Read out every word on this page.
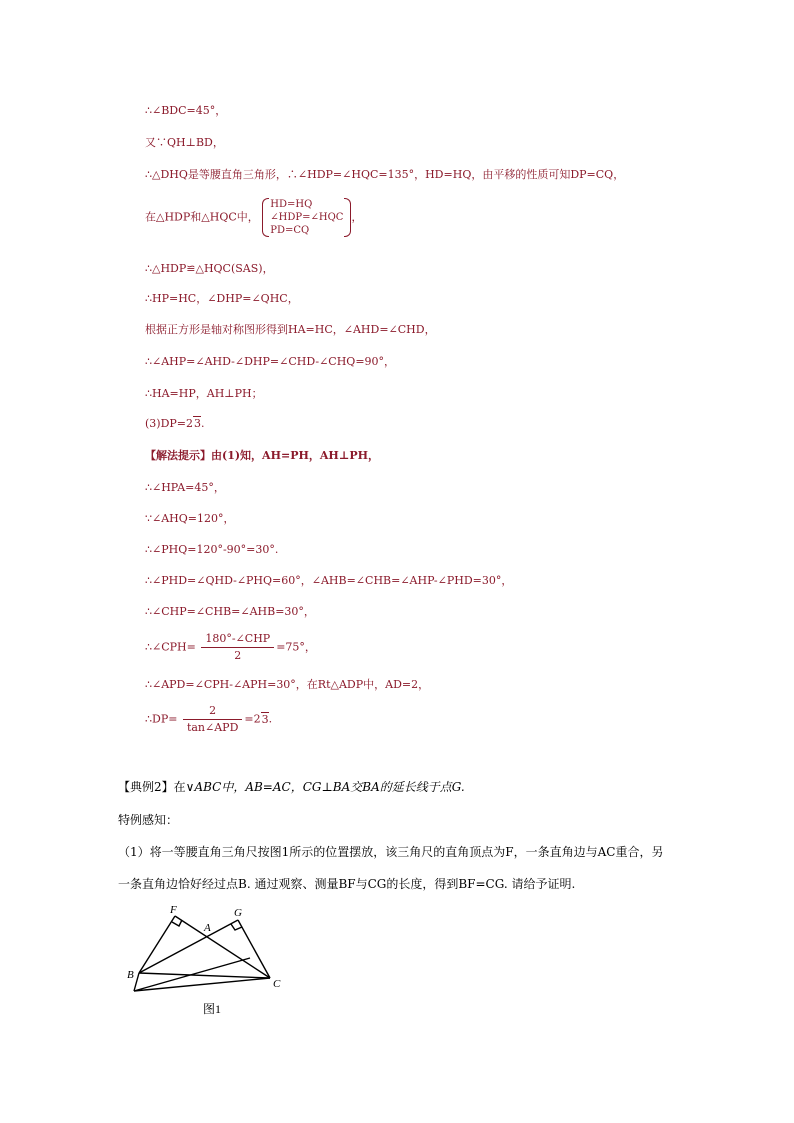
∴∠BDC=45°，
又∵QH⊥BD，
∴△DHQ是等腰直角三角形，∴∠HDP=∠HQC=135°，HD=HQ，由平移的性质可知DP=CQ，
在△HDP和△HQC中，
HD=HQ
∠HDP=∠HQC
PD=CQ
，
∴△HDP≌△HQC(SAS)，
∴HP=HC，∠DHP=∠QHC，
根据正方形是轴对称图形得到HA=HC，∠AHD=∠CHD，
∴∠AHP=∠AHD-∠DHP=∠CHD-∠CHQ=90°，
∴HA=HP，AH⊥PH；
(3)DP=23.
【解法提示】由(1)知，AH=PH，AH⊥PH，
∴∠HPA=45°，
∵∠AHQ=120°，
∴∠PHQ=120°-90°=30°.
∴∠PHD=∠QHD-∠PHQ=60°，∠AHB=∠CHB=∠AHP-∠PHD=30°，
∴∠CHP=∠CHB=∠AHB=30°，
∴∠CPH= $\frac{\text{180°-∠CHP}}{2} =75^\circ$，
∴∠APD=∠CPH-∠APH=30°，在Rt△ADP中，AD=2，
∴DP= $\frac{2}{\text{tan∠APD}} =23$.
【典例2】在∨ABC中，AB=AC，CG⊥BA交BA的延长线于点G.
特例感知：
（1）将一等腰直角三角尺按图1所示的位置摆放，该三角尺的直角顶点为F，一条直角边与AC重合，另
一条直角边恰好经过点B. 通过观察、测量BF与CG的长度，得到BF=CG. 请给予证明.
F	G
A
B
C
图1
